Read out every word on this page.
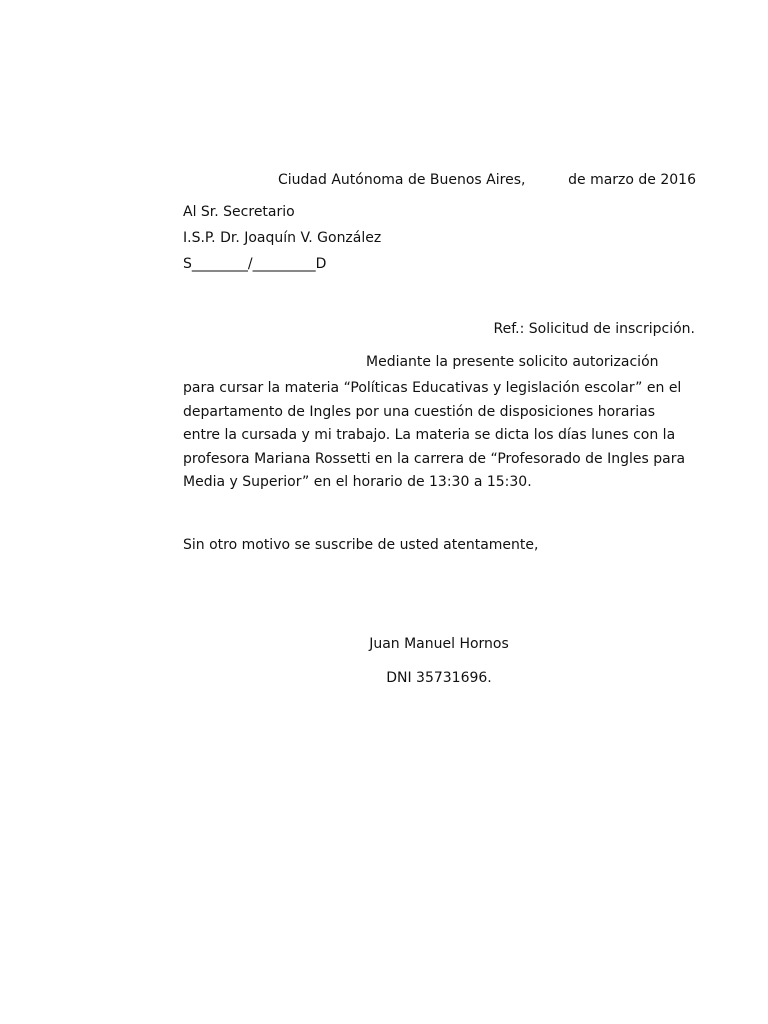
Ciudad Autónoma de Buenos Aires,	de marzo de 2016
Al Sr. Secretario
I.S.P. Dr. Joaquín V. González
S________/_________D
Ref.: Solicitud de inscripción.
Mediante la presente solicito autorización
para cursar la materia “Políticas Educativas y legislación escolar” en el
departamento de Ingles por una cuestión de disposiciones horarias
entre la cursada y mi trabajo. La materia se dicta los días lunes con la
profesora Mariana Rossetti en la carrera de “Profesorado de Ingles para
Media y Superior” en el horario de 13:30 a 15:30.
Sin otro motivo se suscribe de usted atentamente,
Juan Manuel Hornos
DNI 35731696.
